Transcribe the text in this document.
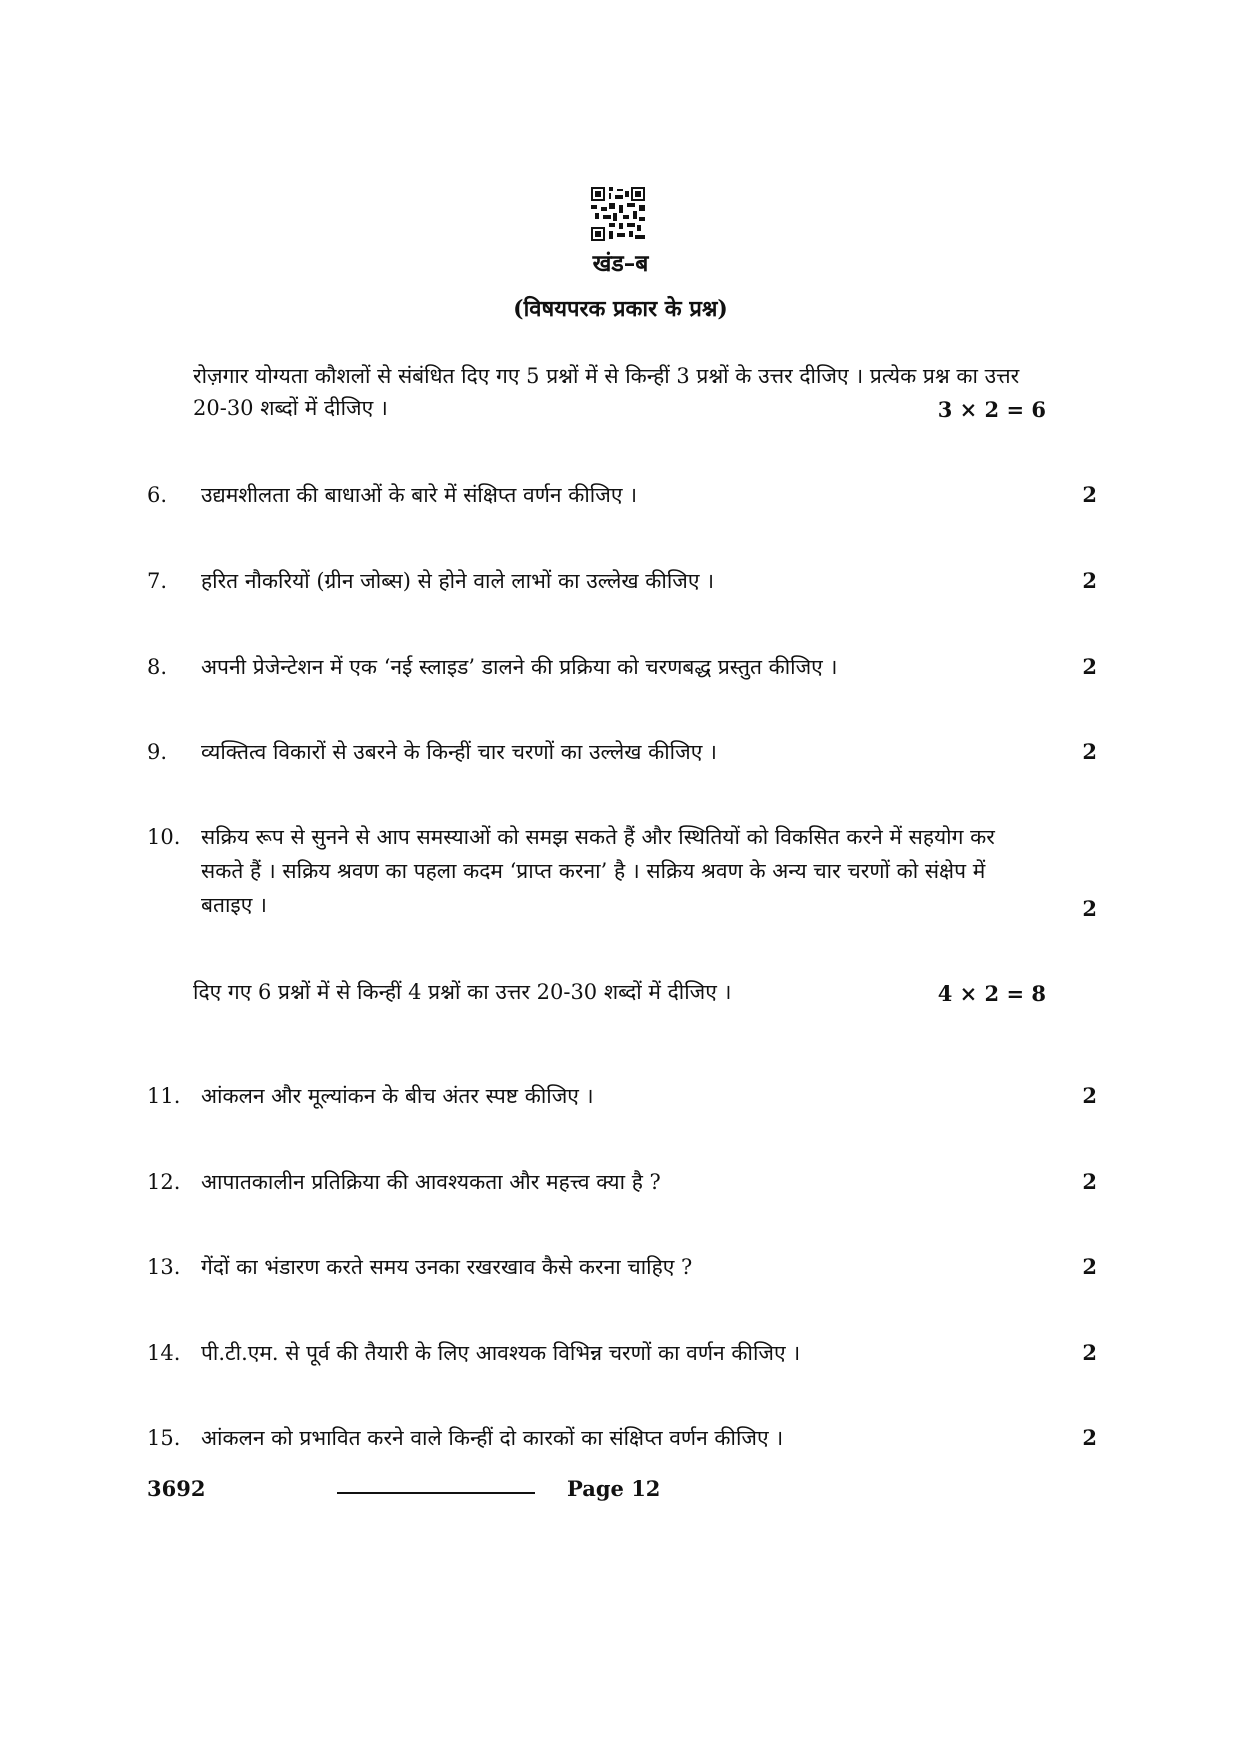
खंड–ब
(विषयपरक प्रकार के प्रश्न)
रोज़गार योग्यता कौशलों से संबंधित दिए गए 5 प्रश्नों में से किन्हीं 3 प्रश्नों के उत्तर दीजिए । प्रत्येक प्रश्न का उत्तर 20-30 शब्दों में दीजिए ।	3 × 2 = 6
6.	उद्यमशीलता की बाधाओं के बारे में संक्षिप्त वर्णन कीजिए ।	2
7.	हरित नौकरियों (ग्रीन जोब्स) से होने वाले लाभों का उल्लेख कीजिए ।	2
8.	अपनी प्रेजेन्टेशन में एक ‘नई स्लाइड’ डालने की प्रक्रिया को चरणबद्ध प्रस्तुत कीजिए ।	2
9.	व्यक्तित्व विकारों से उबरने के किन्हीं चार चरणों का उल्लेख कीजिए ।	2
10. सक्रिय रूप से सुनने से आप समस्याओं को समझ सकते हैं और स्थितियों को विकसित करने में सहयोग कर सकते हैं । सक्रिय श्रवण का पहला कदम ‘प्राप्त करना’ है । सक्रिय श्रवण के अन्य चार चरणों को संक्षेप में बताइए ।	2
दिए गए 6 प्रश्नों में से किन्हीं 4 प्रश्नों का उत्तर 20-30 शब्दों में दीजिए ।	4 × 2 = 8
11. आंकलन और मूल्यांकन के बीच अंतर स्पष्ट कीजिए ।	2
12. आपातकालीन प्रतिक्रिया की आवश्यकता और महत्त्व क्या है ?	2
13. गेंदों का भंडारण करते समय उनका रखरखाव कैसे करना चाहिए ?	2
14. पी.टी.एम. से पूर्व की तैयारी के लिए आवश्यक विभिन्न चरणों का वर्णन कीजिए ।	2
15. आंकलन को प्रभावित करने वाले किन्हीं दो कारकों का संक्षिप्त वर्णन कीजिए ।	2
3692	Page 12
